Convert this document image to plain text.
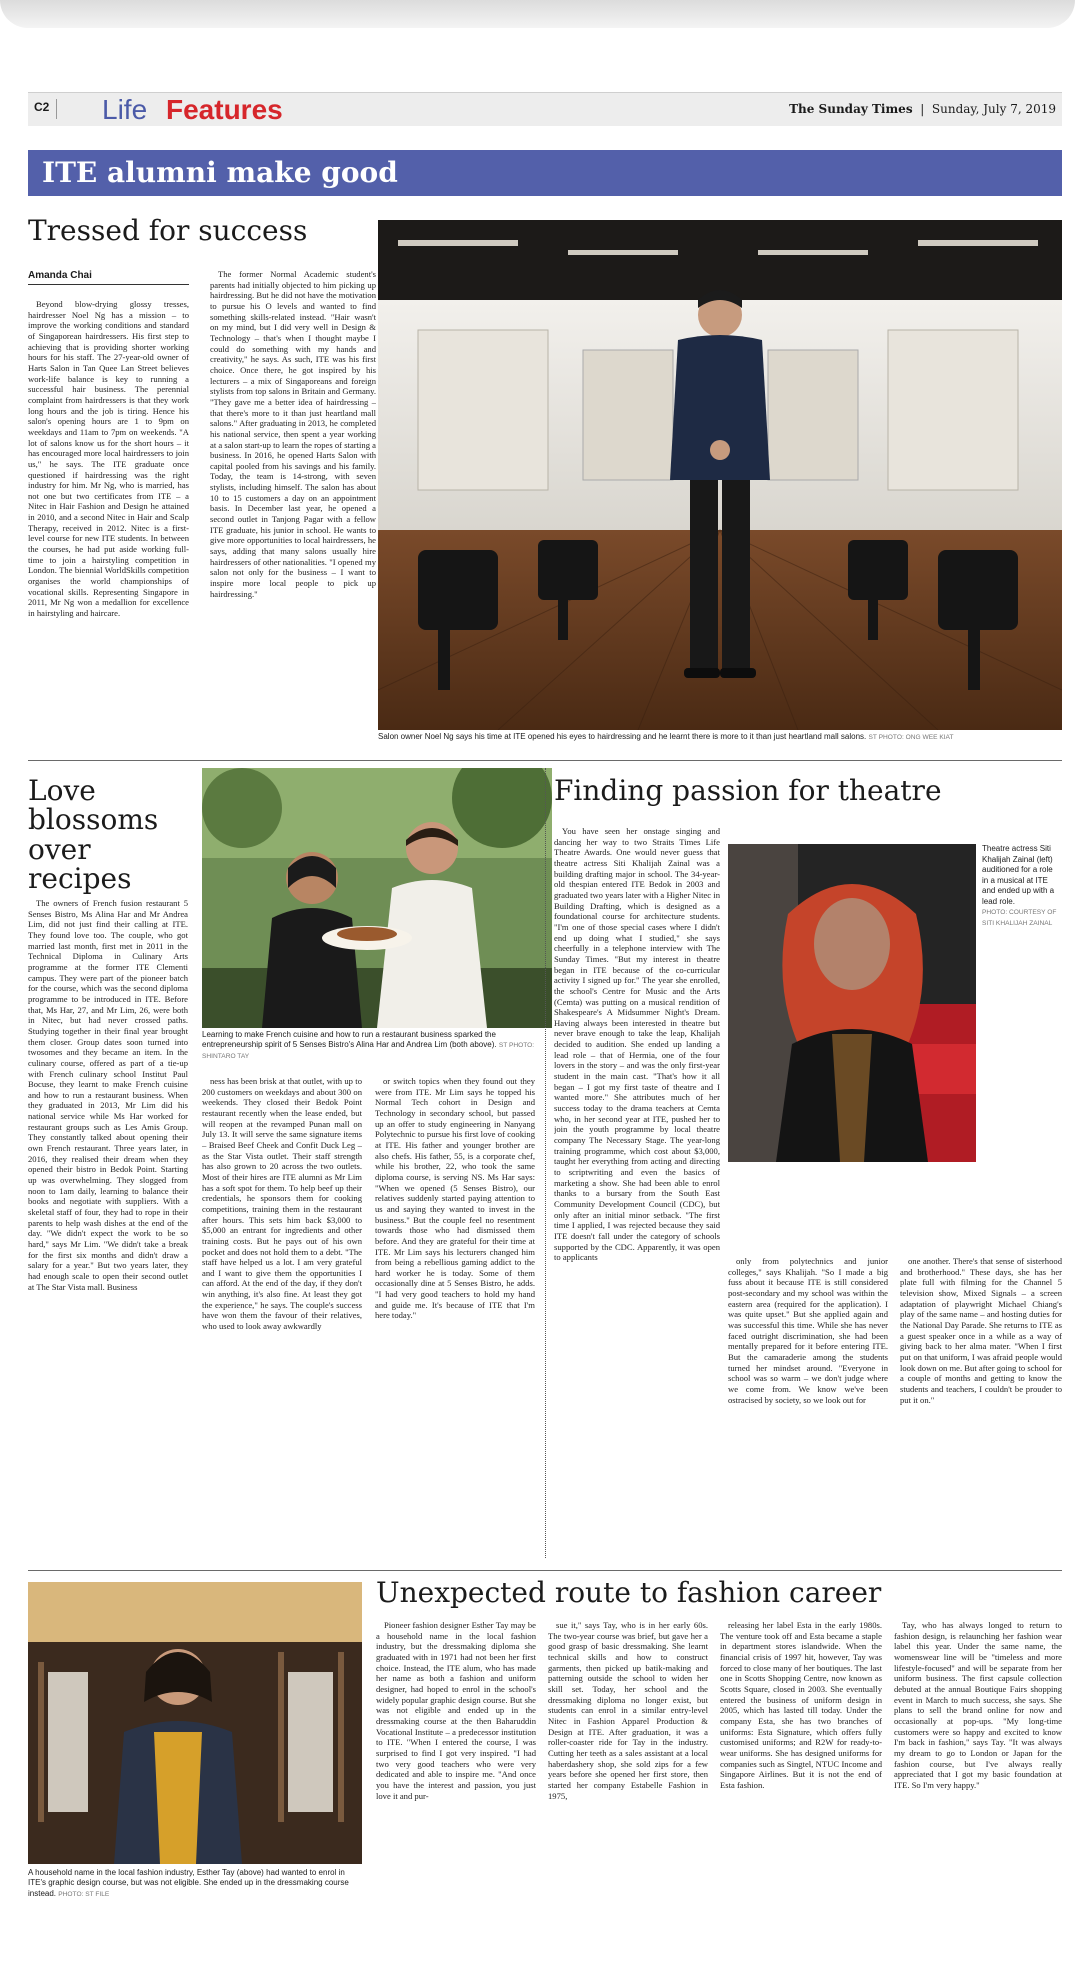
C2 Life Features	The Sunday Times  |  Sunday, July 7, 2019
ITE alumni make good
Tressed for success
Amanda Chai

Beyond blow-drying glossy tresses, hairdresser Noel Ng has a mission – to improve the working conditions and standard of Singaporean hairdressers. His first step to achieving that is providing shorter working hours for his staff. The 27-year-old owner of Harts Salon in Tan Quee Lan Street believes work-life balance is key to running a successful hair business. The perennial complaint from hairdressers is that they work long hours and the job is tiring. Hence his salon's opening hours are 1 to 9pm on weekdays and 11am to 7pm on weekends. "A lot of salons know us for the short hours – it has encouraged more local hairdressers to join us," he says. The ITE graduate once questioned if hairdressing was the right industry for him. Mr Ng, who is married, has not one but two certificates from ITE – a Nitec in Hair Fashion and Design he attained in 2010, and a second Nitec in Hair and Scalp Therapy, received in 2012. Nitec is a first-level course for new ITE students. In between the courses, he had put aside working full-time to join a hairstyling competition in London. The biennial WorldSkills competition organises the world championships of vocational skills. Representing Singapore in 2011, Mr Ng won a medallion for excellence in hairstyling and haircare.

The former Normal Academic student's parents had initially objected to him picking up hairdressing. But he did not have the motivation to pursue his O levels and wanted to find something skills-related instead. "Hair wasn't on my mind, but I did very well in Design & Technology – that's when I thought maybe I could do something with my hands and creativity," he says. As such, ITE was his first choice. Once there, he got inspired by his lecturers – a mix of Singaporeans and foreign stylists from top salons in Britain and Germany. "They gave me a better idea of hairdressing – that there's more to it than just heartland mall salons." After graduating in 2013, he completed his national service, then spent a year working at a salon start-up to learn the ropes of starting a business. In 2016, he opened Harts Salon with capital pooled from his savings and his family. Today, the team is 14-strong, with seven stylists, including himself. The salon has about 10 to 15 customers a day on an appointment basis. In December last year, he opened a second outlet in Tanjong Pagar with a fellow ITE graduate, his junior in school. He wants to give more opportunities to local hairdressers, he says, adding that many salons usually hire hairdressers of other nationalities. "I opened my salon not only for the business – I want to inspire more local people to pick up hairdressing."

Salon owner Noel Ng says his time at ITE opened his eyes to hairdressing and he learnt there is more to it than just heartland mall salons. ST PHOTO: ONG WEE KIAT
Love blossoms over recipes
Learning to make French cuisine and how to run a restaurant business sparked the entrepreneurship spirit of 5 Senses Bistro's Alina Har and Andrea Lim (both above). ST PHOTO: SHINTARO TAY

The owners of French fusion restaurant 5 Senses Bistro, Ms Alina Har and Mr Andrea Lim, did not just find their calling at ITE. They found love too. The couple, who got married last month, first met in 2011 in the Technical Diploma in Culinary Arts programme at the former ITE Clementi campus. They were part of the pioneer batch for the course, which was the second diploma programme to be introduced in ITE. Before that, Ms Har, 27, and Mr Lim, 26, were both in Nitec, but had never crossed paths. Studying together in their final year brought them closer. Group dates soon turned into twosomes and they became an item. In the culinary course, offered as part of a tie-up with French culinary school Institut Paul Bocuse, they learnt to make French cuisine and how to run a restaurant business. When they graduated in 2013, Mr Lim did his national service while Ms Har worked for restaurant groups such as Les Amis Group. They constantly talked about opening their own French restaurant. Three years later, in 2016, they realised their dream when they opened their bistro in Bedok Point. Starting up was overwhelming. They slogged from noon to 1am daily, learning to balance their books and negotiate with suppliers. With a skeletal staff of four, they had to rope in their parents to help wash dishes at the end of the day. "We didn't expect the work to be so hard," says Mr Lim. "We didn't take a break for the first six months and didn't draw a salary for a year." But two years later, they had enough scale to open their second outlet at The Star Vista mall. Business

ness has been brisk at that outlet, with up to 200 customers on weekdays and about 300 on weekends. They closed their Bedok Point restaurant recently when the lease ended, but will reopen at the revamped Punan mall on July 13. It will serve the same signature items – Braised Beef Cheek and Confit Duck Leg – as the Star Vista outlet. Their staff strength has also grown to 20 across the two outlets. Most of their hires are ITE alumni as Mr Lim has a soft spot for them. To help beef up their credentials, he sponsors them for cooking competitions, training them in the restaurant after hours. This sets him back $3,000 to $5,000 an entrant for ingredients and other training costs. But he pays out of his own pocket and does not hold them to a debt. "The staff have helped us a lot. I am very grateful and I want to give them the opportunities I can afford. At the end of the day, if they don't win anything, it's also fine. At least they got the experience," he says. The couple's success have won them the favour of their relatives, who used to look away awkwardly

or switch topics when they found out they were from ITE. Mr Lim says he topped his Normal Tech cohort in Design and Technology in secondary school, but passed up an offer to study engineering in Nanyang Polytechnic to pursue his first love of cooking at ITE. His father and younger brother are also chefs. His father, 55, is a corporate chef, while his brother, 22, who took the same diploma course, is serving NS. Ms Har says: "When we opened (5 Senses Bistro), our relatives suddenly started paying attention to us and saying they wanted to invest in the business." But the couple feel no resentment towards those who had dismissed them before. And they are grateful for their time at ITE. Mr Lim says his lecturers changed him from being a rebellious gaming addict to the hard worker he is today. Some of them occasionally dine at 5 Senses Bistro, he adds. "I had very good teachers to hold my hand and guide me. It's because of ITE that I'm here today."

Finding passion for theatre

You have seen her onstage singing and dancing her way to two Straits Times Life Theatre Awards. One would never guess that theatre actress Siti Khalijah Zainal was a building drafting major in school. The 34-year-old thespian entered ITE Bedok in 2003 and graduated two years later with a Higher Nitec in Building Drafting, which is designed as a foundational course for architecture students. "I'm one of those special cases where I didn't end up doing what I studied," she says cheerfully in a telephone interview with The Sunday Times. "But my interest in theatre began in ITE because of the co-curricular activity I signed up for." The year she enrolled, the school's Centre for Music and the Arts (Cemta) was putting on a musical rendition of Shakespeare's A Midsummer Night's Dream. Having always been interested in theatre but never brave enough to take the leap, Khalijah decided to audition. She ended up landing a lead role – that of Hermia, one of the four lovers in the story – and was the only first-year student in the main cast. "That's how it all began – I got my first taste of theatre and I wanted more." She attributes much of her success today to the drama teachers at Cemta who, in her second year at ITE, pushed her to join the youth programme by local theatre company The Necessary Stage. The year-long training programme, which cost about $3,000, taught her everything from acting and directing to scriptwriting and even the basics of marketing a show. She had been able to enrol thanks to a bursary from the South East Community Development Council (CDC), but only after an initial minor setback. "The first time I applied, I was rejected because they said ITE doesn't fall under the category of schools supported by the CDC. Apparently, it was open to applicants

Theatre actress Siti Khalijah Zainal (left) auditioned for a role in a musical at ITE and ended up with a lead role.
PHOTO: COURTESY OF SITI KHALIJAH ZAINAL

only from polytechnics and junior colleges," says Khalijah. "So I made a big fuss about it because ITE is still considered post-secondary and my school was within the eastern area (required for the application). I was quite upset." But she applied again and was successful this time. While she has never faced outright discrimination, she had been mentally prepared for it before entering ITE. But the camaraderie among the students turned her mindset around. "Everyone in school was so warm – we don't judge where we come from. We know we've been ostracised by society, so we look out for

one another. There's that sense of sisterhood and brotherhood." These days, she has her plate full with filming for the Channel 5 television show, Mixed Signals – a screen adaptation of playwright Michael Chiang's play of the same name – and hosting duties for the National Day Parade. She returns to ITE as a guest speaker once in a while as a way of giving back to her alma mater. "When I first put on that uniform, I was afraid people would look down on me. But after going to school for a couple of months and getting to know the students and teachers, I couldn't be prouder to put it on."

Unexpected route to fashion career
A household name in the local fashion industry, Esther Tay (above) had wanted to enrol in ITE's graphic design course, but was not eligible. She ended up in the dressmaking course instead. PHOTO: ST FILE

Pioneer fashion designer Esther Tay may be a household name in the local fashion industry, but the dressmaking diploma she graduated with in 1971 had not been her first choice. Instead, the ITE alum, who has made her name as both a fashion and uniform designer, had hoped to enrol in the school's widely popular graphic design course. But she was not eligible and ended up in the dressmaking course at the then Baharuddin Vocational Institute – a predecessor institution to ITE. "When I entered the course, I was surprised to find I got very inspired. "I had two very good teachers who were very dedicated and able to inspire me. "And once you have the interest and passion, you just love it and pur-

sue it," says Tay, who is in her early 60s. The two-year course was brief, but gave her a good grasp of basic dressmaking. She learnt technical skills and how to construct garments, then picked up batik-making and patterning outside the school to widen her skill set. Today, her school and the dressmaking diploma no longer exist, but students can enrol in a similar entry-level Nitec in Fashion Apparel Production & Design at ITE. After graduation, it was a roller-coaster ride for Tay in the industry. Cutting her teeth as a sales assistant at a local haberdashery shop, she sold zips for a few years before she opened her first store, then started her company Estabelle Fashion in 1975,

releasing her label Esta in the early 1980s. The venture took off and Esta became a staple in department stores islandwide. When the financial crisis of 1997 hit, however, Tay was forced to close many of her boutiques. The last one in Scotts Shopping Centre, now known as Scotts Square, closed in 2003. She eventually entered the business of uniform design in 2005, which has lasted till today. Under the company Esta, she has two branches of uniforms: Esta Signature, which offers fully customised uniforms; and R2W for ready-to-wear uniforms. She has designed uniforms for companies such as Singtel, NTUC Income and Singapore Airlines. But it is not the end of Esta fashion.

Tay, who has always longed to return to fashion design, is relaunching her fashion wear label this year. Under the same name, the womenswear line will be "timeless and more lifestyle-focused" and will be separate from her uniform business. The first capsule collection debuted at the annual Boutique Fairs shopping event in March to much success, she says. She plans to sell the brand online for now and occasionally at pop-ups. "My long-time customers were so happy and excited to know I'm back in fashion," says Tay. "It was always my dream to go to London or Japan for the fashion course, but I've always really appreciated that I got my basic foundation at ITE. So I'm very happy."
